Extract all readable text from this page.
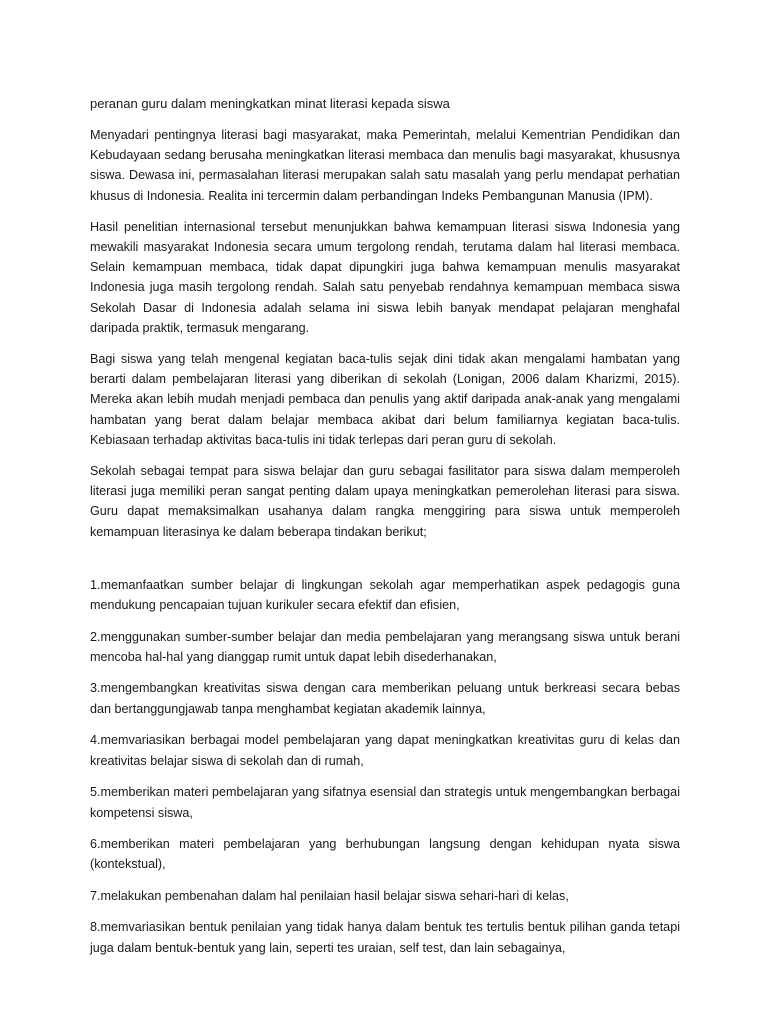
peranan guru dalam meningkatkan minat literasi kepada siswa

Menyadari pentingnya literasi bagi masyarakat, maka Pemerintah, melalui Kementrian Pendidikan dan Kebudayaan sedang berusaha meningkatkan literasi membaca dan menulis bagi masyarakat, khususnya siswa. Dewasa ini, permasalahan literasi merupakan salah satu masalah yang perlu mendapat perhatian khusus di Indonesia. Realita ini tercermin dalam perbandingan Indeks Pembangunan Manusia (IPM).

Hasil penelitian internasional tersebut menunjukkan bahwa kemampuan literasi siswa Indonesia yang mewakili masyarakat Indonesia secara umum tergolong rendah, terutama dalam hal literasi membaca. Selain kemampuan membaca, tidak dapat dipungkiri juga bahwa kemampuan menulis masyarakat Indonesia juga masih tergolong rendah. Salah satu penyebab rendahnya kemampuan membaca siswa Sekolah Dasar di Indonesia adalah selama ini siswa lebih banyak mendapat pelajaran menghafal daripada praktik, termasuk mengarang.

Bagi siswa yang telah mengenal kegiatan baca-tulis sejak dini tidak akan mengalami hambatan yang berarti dalam pembelajaran literasi yang diberikan di sekolah (Lonigan, 2006 dalam Kharizmi, 2015). Mereka akan lebih mudah menjadi pembaca dan penulis yang aktif daripada anak-anak yang mengalami hambatan yang berat dalam belajar membaca akibat dari belum familiarnya kegiatan baca-tulis. Kebiasaan terhadap aktivitas baca-tulis ini tidak terlepas dari peran guru di sekolah.

Sekolah sebagai tempat para siswa belajar dan guru sebagai fasilitator para siswa dalam memperoleh literasi juga memiliki peran sangat penting dalam upaya meningkatkan pemerolehan literasi para siswa. Guru dapat memaksimalkan usahanya dalam rangka menggiring para siswa untuk memperoleh kemampuan literasinya ke dalam beberapa tindakan berikut;

1.memanfaatkan sumber belajar di lingkungan sekolah agar memperhatikan aspek pedagogis guna mendukung pencapaian tujuan kurikuler secara efektif dan efisien,

2.menggunakan sumber-sumber belajar dan media pembelajaran yang merangsang siswa untuk berani mencoba hal-hal yang dianggap rumit untuk dapat lebih disederhanakan,

3.mengembangkan kreativitas siswa dengan cara memberikan peluang untuk berkreasi secara bebas dan bertanggungjawab tanpa menghambat kegiatan akademik lainnya,

4.memvariasikan berbagai model pembelajaran yang dapat meningkatkan kreativitas guru di kelas dan kreativitas belajar siswa di sekolah dan di rumah,

5.memberikan materi pembelajaran yang sifatnya esensial dan strategis untuk mengembangkan berbagai kompetensi siswa,

6.memberikan materi pembelajaran yang berhubungan langsung dengan kehidupan nyata siswa (kontekstual),

7.melakukan pembenahan dalam hal penilaian hasil belajar siswa sehari-hari di kelas,

8.memvariasikan bentuk penilaian yang tidak hanya dalam bentuk tes tertulis bentuk pilihan ganda tetapi juga dalam bentuk-bentuk yang lain, seperti tes uraian, self test, dan lain sebagainya,
